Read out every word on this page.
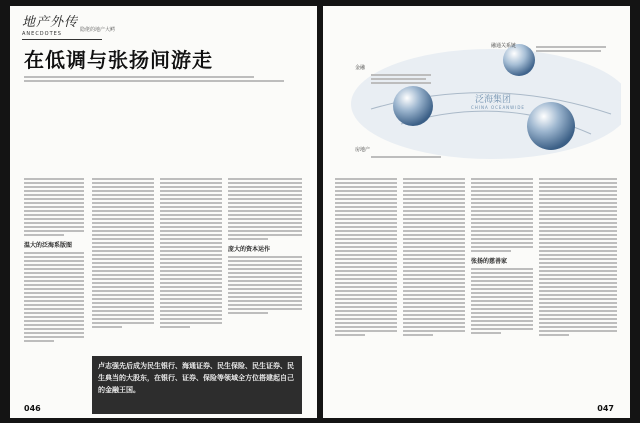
地产外传
ANECDOTES
隐佬的地产大鳄
在低调与张扬间游走
温大的泛海系版图
庞大的资本运作
卢志强先后成为民生银行、海通证券、民生保险、民生证券、民生典当的大股东，在银行、证券、保险等领域全方位搭建起自己的金融王国。
046
融通关系链
金融
房地产
泛海集团
CHINA OCEANWIDE
张扬的慈善家
047
